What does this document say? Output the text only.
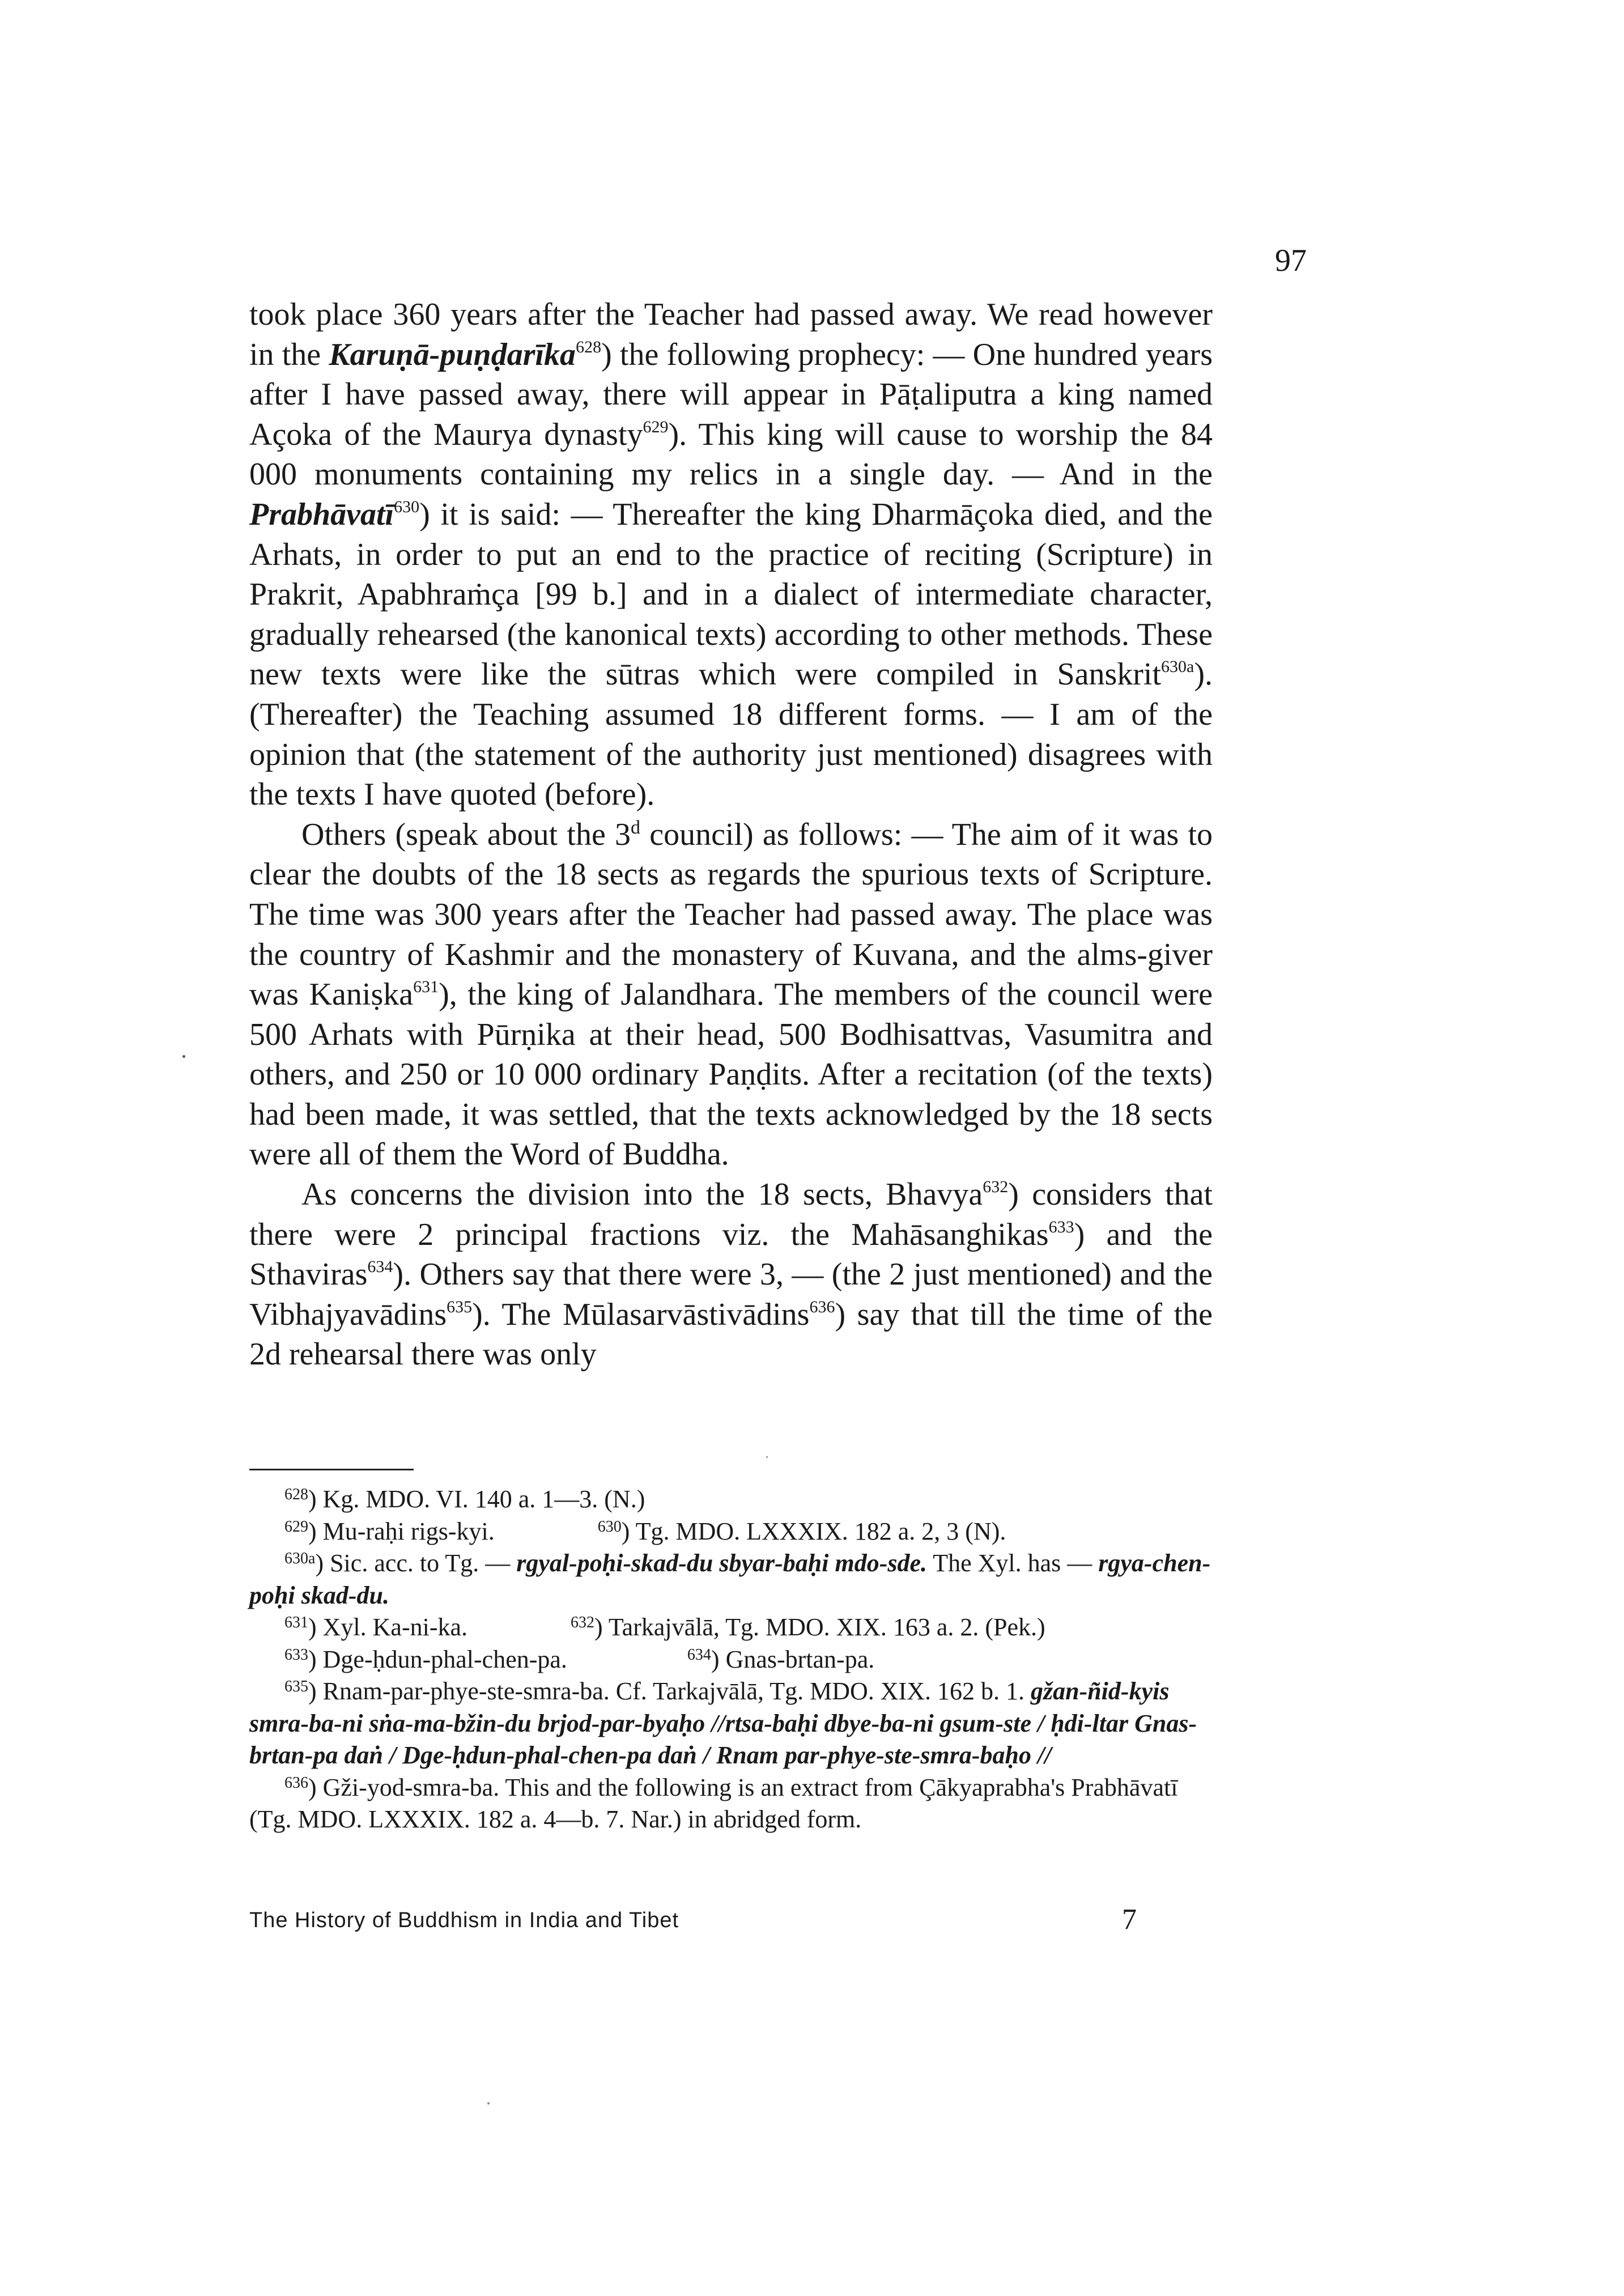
97

took place 360 years after the Teacher had passed away. We read however in the Karuṇā-puṇḍarīka$^{628}$) the following prophecy: — One hundred years after I have passed away, there will appear in Pāṭaliputra a king named Açoka of the Maurya dynasty$^{629}$). This king will cause to worship the 84 000 monuments containing my relics in a single day. — And in the Prabhāvatī$^{630}$) it is said: — Thereafter the king Dharmāçoka died, and the Arhats, in order to put an end to the practice of reciting (Scripture) in Prakrit, Apabhraṁça [99 b.] and in a dialect of intermediate character, gradually rehearsed (the kanonical texts) according to other methods. These new texts were like the sūtras which were compiled in Sanskrit$^{630a}$). (Thereafter) the Teaching assumed 18 different forms. — I am of the opinion that (the statement of the authority just mentioned) disagrees with the texts I have quoted (before).

Others (speak about the 3$^d$ council) as follows: — The aim of it was to clear the doubts of the 18 sects as regards the spurious texts of Scripture. The time was 300 years after the Teacher had passed away. The place was the country of Kashmir and the monastery of Kuvana, and the alms-giver was Kaniṣka$^{631}$), the king of Jalandhara. The members of the council were 500 Arhats with Pūrṇika at their head, 500 Bodhisattvas, Vasumitra and others, and 250 or 10 000 ordinary Paṇḍits. After a recitation (of the texts) had been made, it was settled, that the texts acknowledged by the 18 sects were all of them the Word of Buddha.

As concerns the division into the 18 sects, Bhavya$^{632}$) considers that there were 2 principal fractions viz. the Mahāsanghikas$^{633}$) and the Sthaviras$^{634}$). Others say that there were 3, — (the 2 just mentioned) and the Vibhajyavādins$^{635}$). The Mūlasarvāstivādins$^{636}$) say that till the time of the 2d rehearsal there was only

$^{628}$) Kg. MDO. VI. 140 a. 1—3. (N.)

$^{629}$) Mu-raḥi rigs-kyi.	$^{630}$) Tg. MDO. LXXXIX. 182 a. 2, 3 (N).

$^{630a}$) Sic. acc. to Tg. — rgyal-poḥi-skad-du sbyar-baḥi mdo-sde. The Xyl. has — rgya-chen-poḥi skad-du.

$^{631}$) Xyl. Ka-ni-ka.	$^{632}$) Tarkajvālā, Tg. MDO. XIX. 163 a. 2. (Pek.)

$^{633}$) Dge-ḥdun-phal-chen-pa.	$^{634}$) Gnas-brtan-pa.

$^{635}$) Rnam-par-phye-ste-smra-ba. Cf. Tarkajvālā, Tg. MDO. XIX. 162 b. 1. gžan-ñid-kyis smra-ba-ni sṅa-ma-bžin-du brjod-par-byaḥo //rtsa-baḥi dbye-ba-ni gsum-ste / ḥdi-ltar Gnas-brtan-pa daṅ / Dge-ḥdun-phal-chen-pa daṅ / Rnam par-phye-ste-smra-baḥo //

$^{636}$) Gži-yod-smra-ba. This and the following is an extract from Çākyaprabha's Prabhāvatī (Tg. MDO. LXXXIX. 182 a. 4—b. 7. Nar.) in abridged form.

The History of Buddhism in India and Tibet	7
